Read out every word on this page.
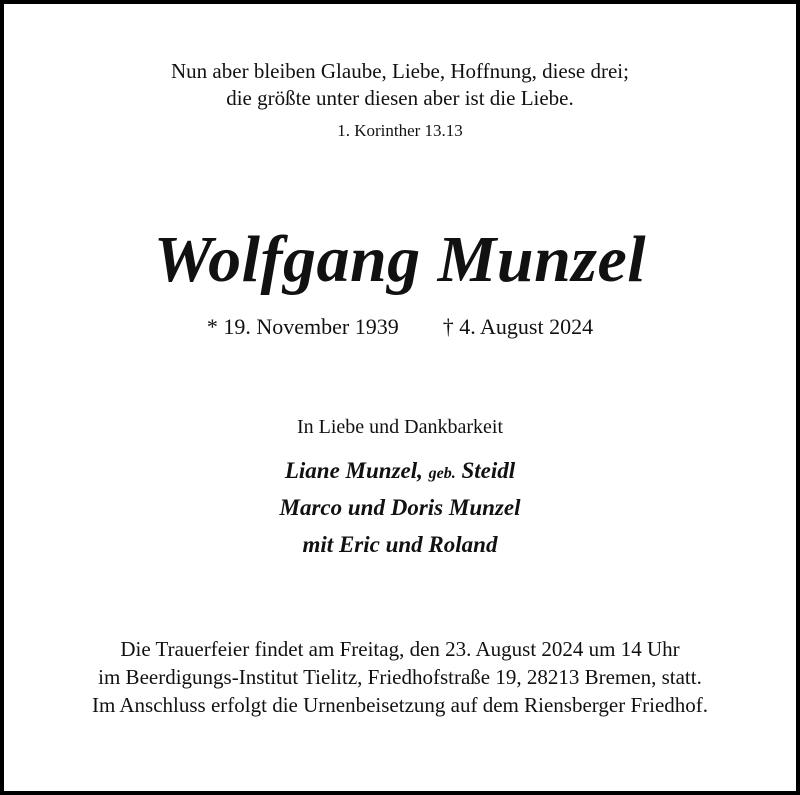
Nun aber bleiben Glaube, Liebe, Hoffnung, diese drei;
die größte unter diesen aber ist die Liebe.
1. Korinther 13.13
Wolfgang Munzel
* 19. November 1939 † 4. August 2024
In Liebe und Dankbarkeit
Liane Munzel, geb. Steidl
Marco und Doris Munzel
mit Eric und Roland
Die Trauerfeier findet am Freitag, den 23. August 2024 um 14 Uhr
im Beerdigungs-Institut Tielitz, Friedhofstraße 19, 28213 Bremen, statt.
Im Anschluss erfolgt die Urnenbeisetzung auf dem Riensberger Friedhof.
